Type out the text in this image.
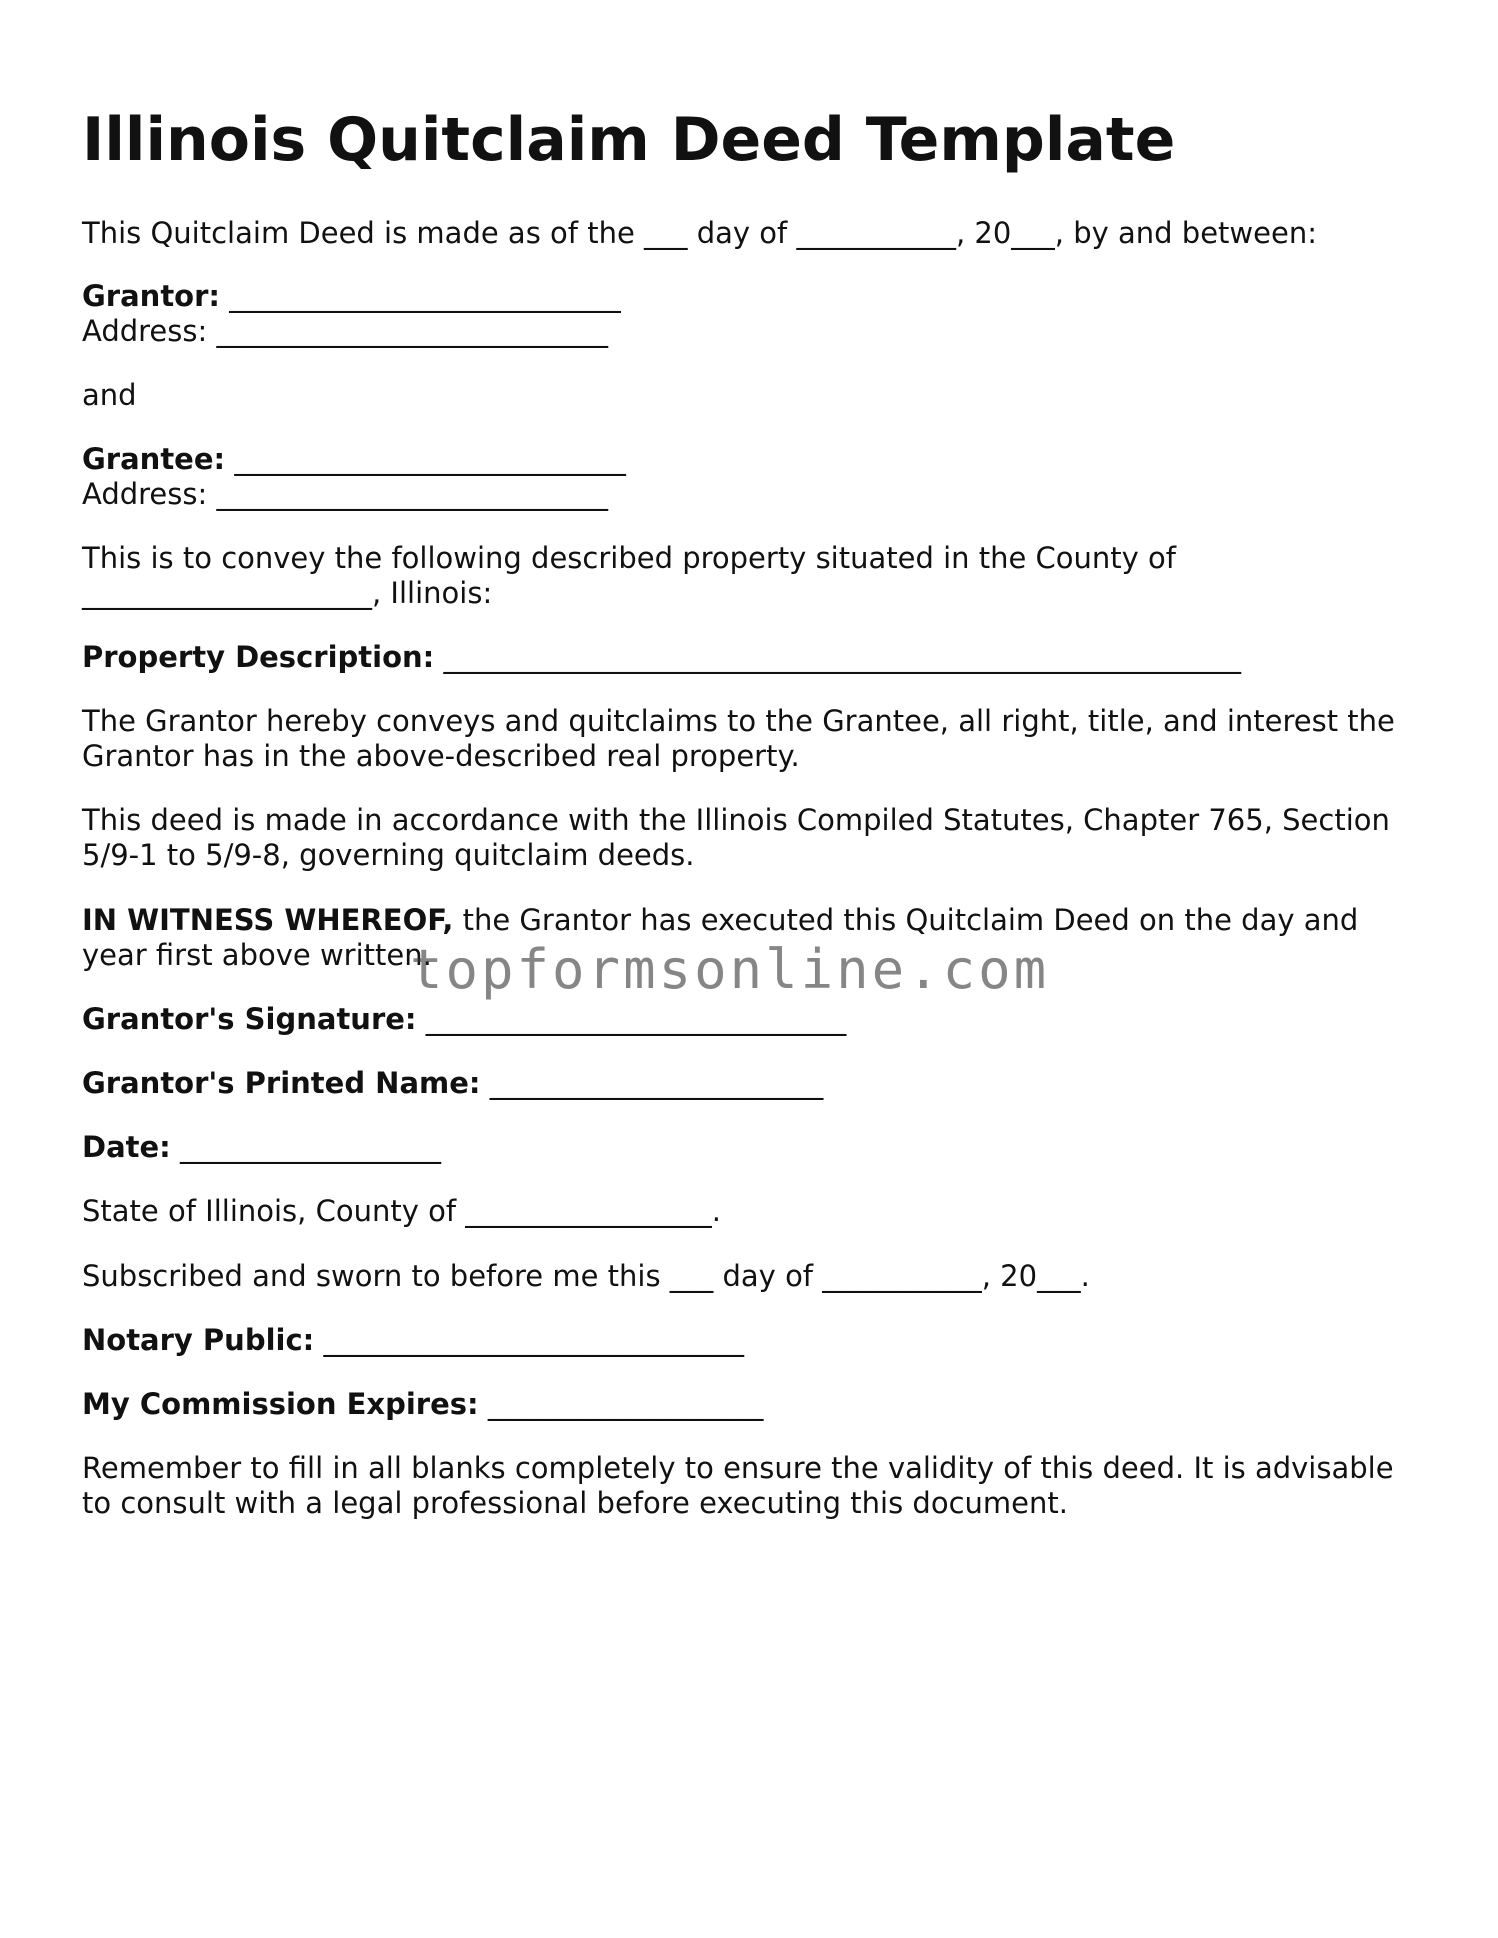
Illinois Quitclaim Deed Template
This Quitclaim Deed is made as of the ___ day of ___________, 20___, by and between:
Grantor: ___________________________
Address: ___________________________
and
Grantee: ___________________________
Address: ___________________________
This is to convey the following described property situated in the County of ____________________, Illinois:
Property Description: _______________________________________________________
The Grantor hereby conveys and quitclaims to the Grantee, all right, title, and interest the Grantor has in the above-described real property.
This deed is made in accordance with the Illinois Compiled Statutes, Chapter 765, Section 5/9-1 to 5/9-8, governing quitclaim deeds.
IN WITNESS WHEREOF, the Grantor has executed this Quitclaim Deed on the day and year first above written.
Grantor's Signature: _____________________________
Grantor's Printed Name: _______________________
Date: __________________
State of Illinois, County of _________________.
Subscribed and sworn to before me this ___ day of ___________, 20___.
Notary Public: _____________________________
My Commission Expires: ___________________
Remember to fill in all blanks completely to ensure the validity of this deed. It is advisable to consult with a legal professional before executing this document.
topformsonline.com
